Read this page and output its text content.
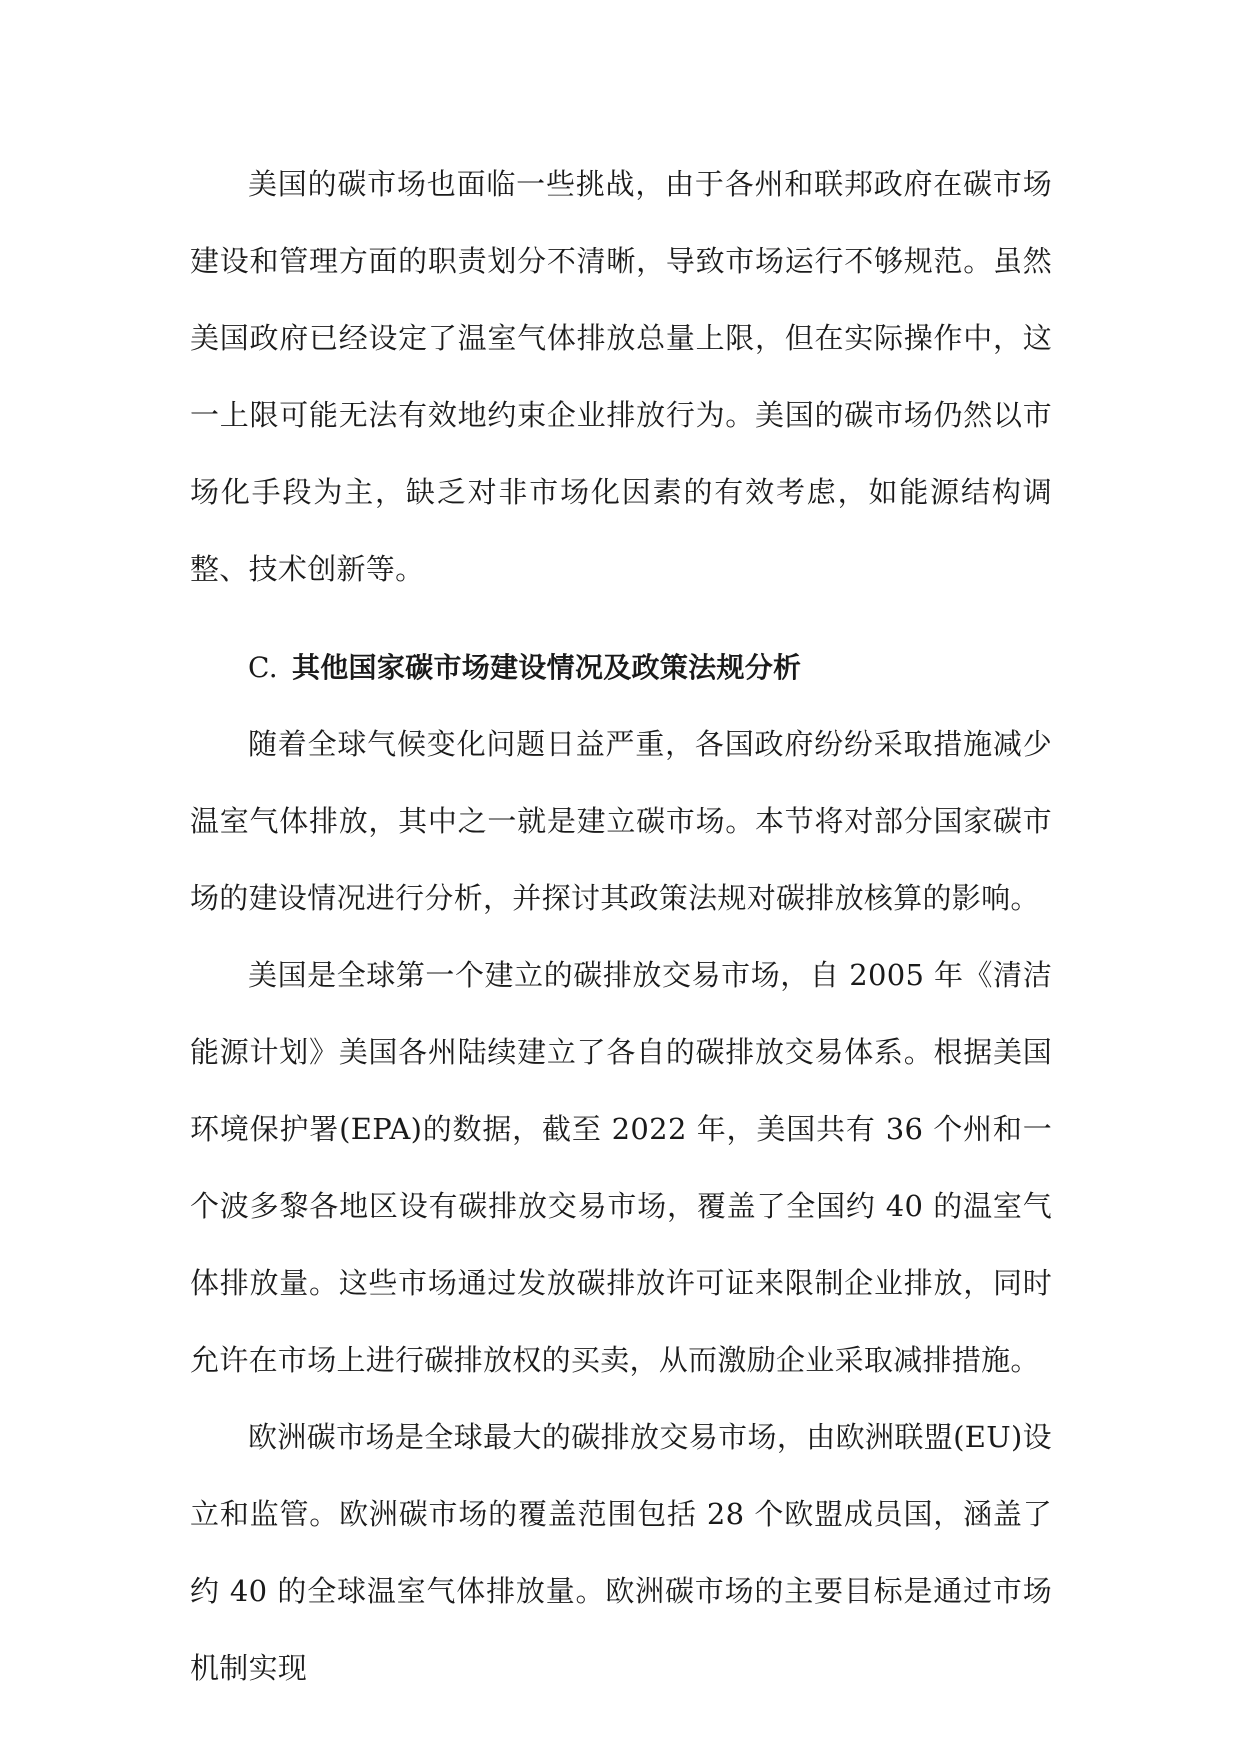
美国的碳市场也面临一些挑战，由于各州和联邦政府在碳市场建设和管理方面的职责划分不清晰，导致市场运行不够规范。虽然美国政府已经设定了温室气体排放总量上限，但在实际操作中，这一上限可能无法有效地约束企业排放行为。美国的碳市场仍然以市场化手段为主，缺乏对非市场化因素的有效考虑，如能源结构调整、技术创新等。

C. 其他国家碳市场建设情况及政策法规分析

随着全球气候变化问题日益严重，各国政府纷纷采取措施减少温室气体排放，其中之一就是建立碳市场。本节将对部分国家碳市场的建设情况进行分析，并探讨其政策法规对碳排放核算的影响。

美国是全球第一个建立的碳排放交易市场，自 2005 年《清洁能源计划》美国各州陆续建立了各自的碳排放交易体系。根据美国环境保护署(EPA)的数据，截至 2022 年，美国共有 36 个州和一个波多黎各地区设有碳排放交易市场，覆盖了全国约 40 的温室气体排放量。这些市场通过发放碳排放许可证来限制企业排放，同时允许在市场上进行碳排放权的买卖，从而激励企业采取减排措施。

欧洲碳市场是全球最大的碳排放交易市场，由欧洲联盟(EU)设立和监管。欧洲碳市场的覆盖范围包括 28 个欧盟成员国，涵盖了约 40 的全球温室气体排放量。欧洲碳市场的主要目标是通过市场机制实现
